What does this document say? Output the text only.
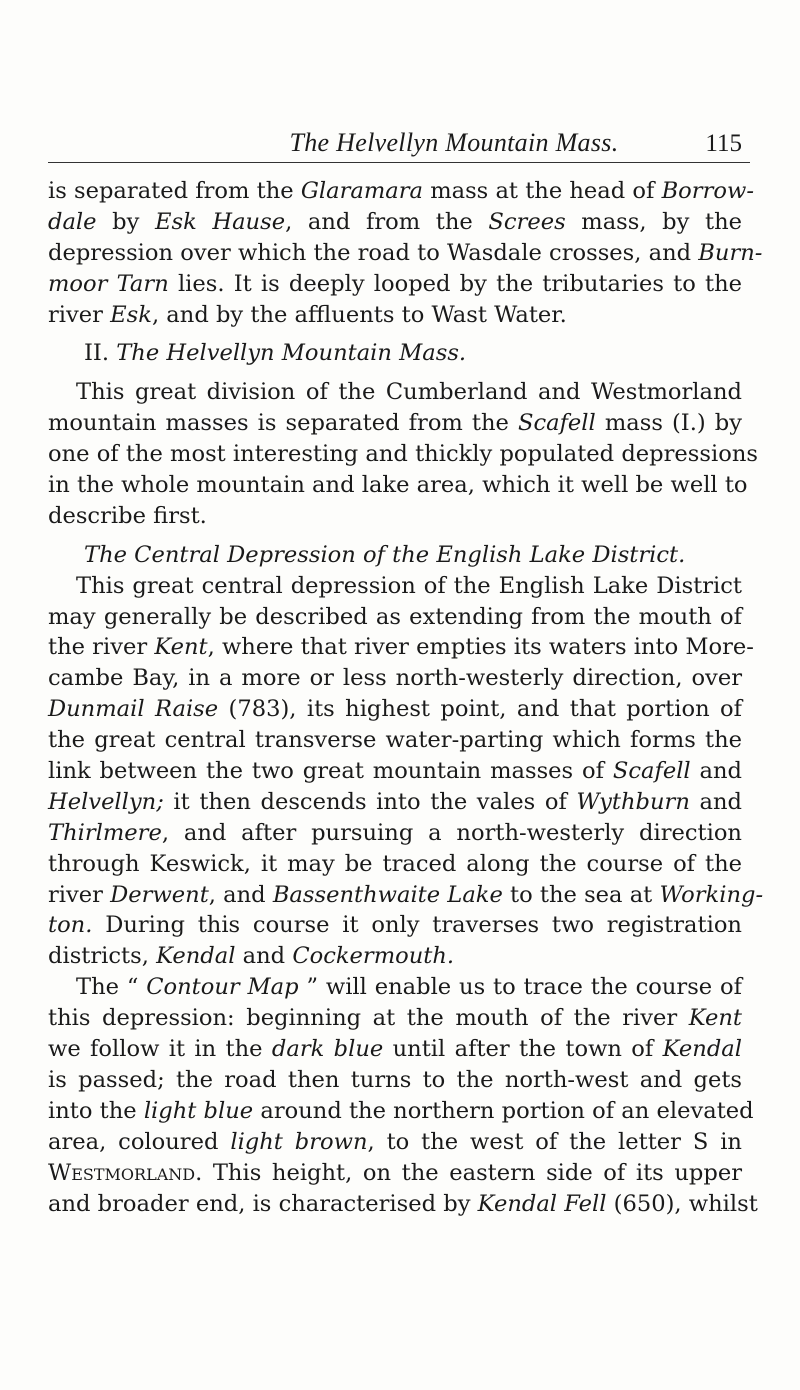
The Helvellyn Mountain Mass.	115
is separated from the Glaramara mass at the head of Borrow-
dale by Esk Hause, and from the Screes mass, by the
depression over which the road to Wasdale crosses, and Burn-
moor Tarn lies. It is deeply looped by the tributaries to the
river Esk, and by the affluents to Wast Water.
II. The Helvellyn Mountain Mass.
This great division of the Cumberland and Westmorland
mountain masses is separated from the Scafell mass (I.) by
one of the most interesting and thickly populated depressions
in the whole mountain and lake area, which it well be well to
describe first.
The Central Depression of the English Lake District.
This great central depression of the English Lake District
may generally be described as extending from the mouth of
the river Kent, where that river empties its waters into More-
cambe Bay, in a more or less north-westerly direction, over
Dunmail Raise (783), its highest point, and that portion of
the great central transverse water-parting which forms the
link between the two great mountain masses of Scafell and
Helvellyn; it then descends into the vales of Wythburn and
Thirlmere, and after pursuing a north-westerly direction
through Keswick, it may be traced along the course of the
river Derwent, and Bassenthwaite Lake to the sea at Working-
ton. During this course it only traverses two registration
districts, Kendal and Cockermouth.
The “ Contour Map ” will enable us to trace the course of
this depression: beginning at the mouth of the river Kent
we follow it in the dark blue until after the town of Kendal
is passed; the road then turns to the north-west and gets
into the light blue around the northern portion of an elevated
area, coloured light brown, to the west of the letter S in
Westmorland. This height, on the eastern side of its upper
and broader end, is characterised by Kendal Fell (650), whilst
